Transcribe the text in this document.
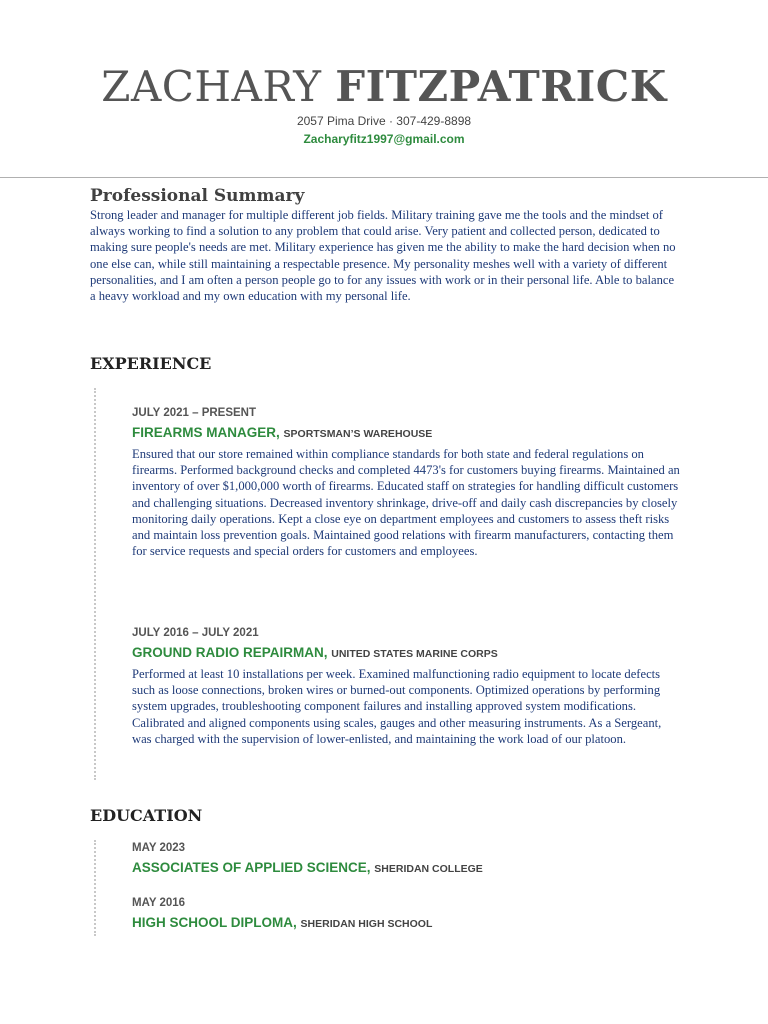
ZACHARY FITZPATRICK
2057 Pima Drive · 307-429-8898
Zacharyfitz1997@gmail.com
Professional Summary
Strong leader and manager for multiple different job fields. Military training gave me the tools and the mindset of always working to find a solution to any problem that could arise. Very patient and collected person, dedicated to making sure people's needs are met. Military experience has given me the ability to make the hard decision when no one else can, while still maintaining a respectable presence. My personality meshes well with a variety of different personalities, and I am often a person people go to for any issues with work or in their personal life. Able to balance a heavy workload and my own education with my personal life.
EXPERIENCE
JULY 2021 – PRESENT
FIREARMS MANAGER, SPORTSMAN’S WAREHOUSE
Ensured that our store remained within compliance standards for both state and federal regulations on firearms. Performed background checks and completed 4473's for customers buying firearms. Maintained an inventory of over $1,000,000 worth of firearms. Educated staff on strategies for handling difficult customers and challenging situations. Decreased inventory shrinkage, drive-off and daily cash discrepancies by closely monitoring daily operations. Kept a close eye on department employees and customers to assess theft risks and maintain loss prevention goals. Maintained good relations with firearm manufacturers, contacting them for service requests and special orders for customers and employees.
JULY 2016 – JULY 2021
GROUND RADIO REPAIRMAN, UNITED STATES MARINE CORPS
Performed at least 10 installations per week. Examined malfunctioning radio equipment to locate defects such as loose connections, broken wires or burned-out components. Optimized operations by performing system upgrades, troubleshooting component failures and installing approved system modifications. Calibrated and aligned components using scales, gauges and other measuring instruments. As a Sergeant, was charged with the supervision of lower-enlisted, and maintaining the work load of our platoon.
EDUCATION
MAY 2023
ASSOCIATES OF APPLIED SCIENCE, SHERIDAN COLLEGE
MAY 2016
HIGH SCHOOL DIPLOMA, SHERIDAN HIGH SCHOOL
